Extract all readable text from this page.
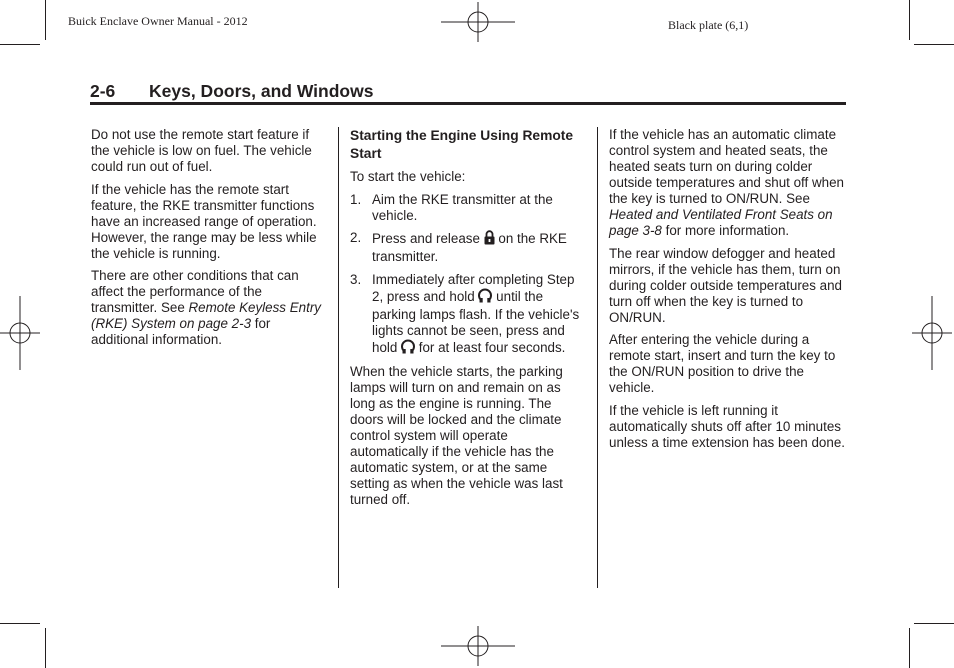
Buick Enclave Owner Manual - 2012	Black plate (6,1)
2-6 Keys, Doors, and Windows

Do not use the remote start feature if the vehicle is low on fuel. The vehicle could run out of fuel.

If the vehicle has the remote start feature, the RKE transmitter functions have an increased range of operation. However, the range may be less while the vehicle is running.

There are other conditions that can affect the performance of the transmitter. See Remote Keyless Entry (RKE) System on page 2-3 for additional information.

Starting the Engine Using Remote Start

To start the vehicle:

1. Aim the RKE transmitter at the vehicle.
2. Press and release  on the RKE transmitter.
3. Immediately after completing Step 2, press and hold  until the parking lamps flash. If the vehicle's lights cannot be seen, press and hold  for at least four seconds.

When the vehicle starts, the parking lamps will turn on and remain on as long as the engine is running. The doors will be locked and the climate control system will operate automatically if the vehicle has the automatic system, or at the same setting as when the vehicle was last turned off.

If the vehicle has an automatic climate control system and heated seats, the heated seats turn on during colder outside temperatures and shut off when the key is turned to ON/RUN. See Heated and Ventilated Front Seats on page 3-8 for more information.

The rear window defogger and heated mirrors, if the vehicle has them, turn on during colder outside temperatures and turn off when the key is turned to ON/RUN.

After entering the vehicle during a remote start, insert and turn the key to the ON/RUN position to drive the vehicle.

If the vehicle is left running it automatically shuts off after 10 minutes unless a time extension has been done.
